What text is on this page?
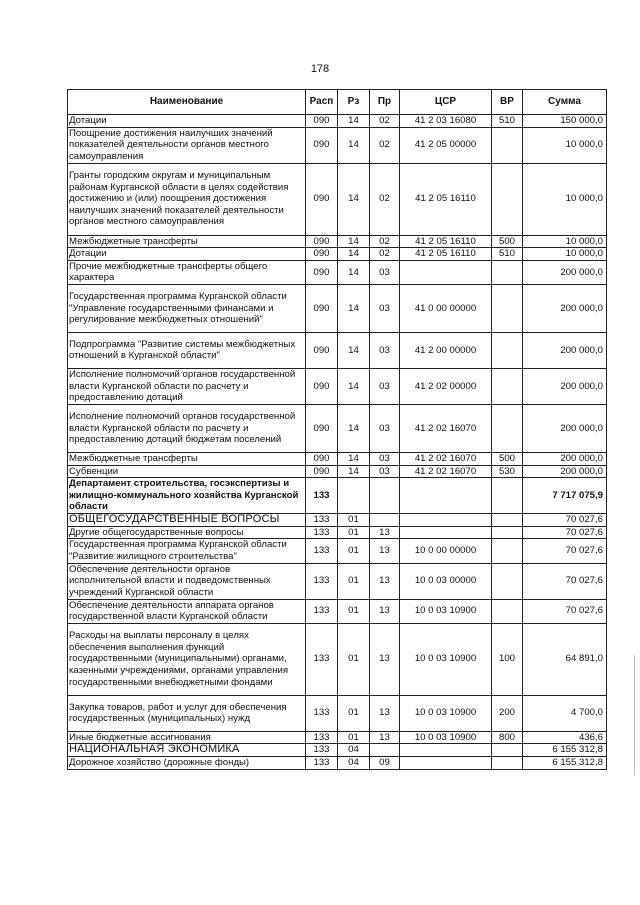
178
Наименование	Расп	Рз	Пр	ЦСР	ВР	Сумма
Дотации	090	14	02	41 2 03 16080	510	150 000,0
Поощрение достижения наилучших значений показателей деятельности органов местного самоуправления	090	14	02	41 2 05 00000		10 000,0
Гранты городским округам и муниципальным районам Курганской области в целях содействия достижению и (или) поощрения достижения наилучших значений показателей деятельности органов местного самоуправления	090	14	02	41 2 05 16110		10 000,0
Межбюджетные трансферты	090	14	02	41 2 05 16110	500	10 000,0
Дотации	090	14	02	41 2 05 16110	510	10 000,0
Прочие межбюджетные трансферты общего характера	090	14	03			200 000,0
Государственная программа Курганской области "Управление государственными финансами и регулирование межбюджетных отношений"	090	14	03	41 0 00 00000		200 000,0
Подпрограмма "Развитие системы межбюджетных отношений в Курганской области"	090	14	03	41 2 00 00000		200 000,0
Исполнение полномочий органов государственной власти Курганской области по расчету и предоставлению дотаций	090	14	03	41 2 02 00000		200 000,0
Исполнение полномочий органов государственной власти Курганской области по расчету и предоставлению дотаций бюджетам поселений	090	14	03	41 2 02 16070		200 000,0
Межбюджетные трансферты	090	14	03	41 2 02 16070	500	200 000,0
Субвенции	090	14	03	41 2 02 16070	530	200 000,0
Департамент строительства, госэкспертизы и жилищно-коммунального хозяйства Курганской области	133					7 717 075,9
ОБЩЕГОСУДАРСТВЕННЫЕ ВОПРОСЫ	133	01				70 027,6
Другие общегосударственные вопросы	133	01	13			70 027,6
Государственная программа Курганской области "Развитие жилищного строительства"	133	01	13	10 0 00 00000		70 027,6
Обеспечение деятельности органов исполнительной власти и подведомственных учреждений Курганской области	133	01	13	10 0 03 00000		70 027,6
Обеспечение деятельности аппарата органов государственной власти Курганской области	133	01	13	10 0 03 10900		70 027,6
Расходы на выплаты персоналу в целях обеспечения выполнения функций государственными (муниципальными) органами, казенными учреждениями, органами управления государственными внебюджетными фондами	133	01	13	10 0 03 10900	100	64 891,0
Закупка товаров, работ и услуг для обеспечения государственных (муниципальных) нужд	133	01	13	10 0 03 10900	200	4 700,0
Иные бюджетные ассигнования	133	01	13	10 0 03 10900	800	436,6
НАЦИОНАЛЬНАЯ ЭКОНОМИКА	133	04				6 155 312,8
Дорожное хозяйство (дорожные фонды)	133	04	09			6 155 312,8
